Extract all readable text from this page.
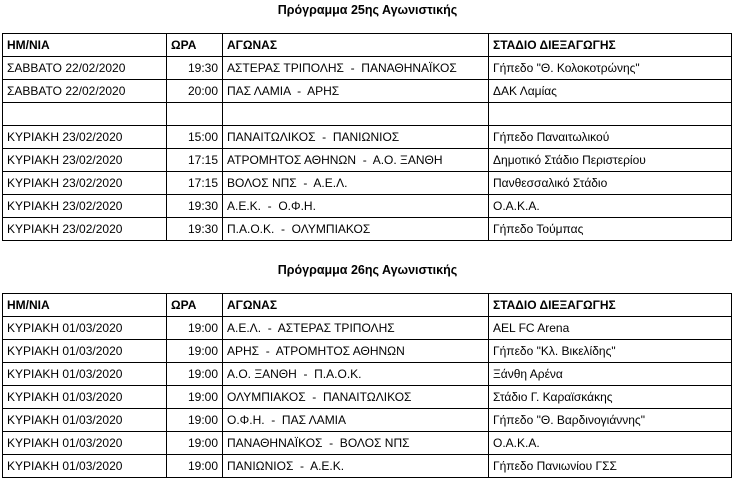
Πρόγραμμα 25ης Αγωνιστικής
ΗΜ/ΝΙΑ	ΩΡΑ	ΑΓΩΝΑΣ	ΣΤΑΔΙΟ ΔΙΕΞΑΓΩΓΗΣ
ΣΑΒΒΑΤΟ 22/02/2020	19:30	ΑΣΤΕΡΑΣ ΤΡΙΠΟΛΗΣ  -  ΠΑΝΑΘΗΝΑΪΚΟΣ	Γήπεδο "Θ. Κολοκοτρώνης"
ΣΑΒΒΑΤΟ 22/02/2020	20:00	ΠΑΣ ΛΑΜΙΑ  -  ΑΡΗΣ	ΔΑΚ Λαμίας

ΚΥΡΙΑΚΗ 23/02/2020	15:00	ΠΑΝΑΙΤΩΛΙΚΟΣ  -  ΠΑΝΙΩΝΙΟΣ	Γήπεδο Παναιτωλικού
ΚΥΡΙΑΚΗ 23/02/2020	17:15	ΑΤΡΟΜΗΤΟΣ ΑΘΗΝΩΝ  -  Α.Ο. ΞΑΝΘΗ	Δημοτικό Στάδιο Περιστερίου
ΚΥΡΙΑΚΗ 23/02/2020	17:15	ΒΟΛΟΣ ΝΠΣ  -  Α.Ε.Λ.	Πανθεσσαλικό Στάδιο
ΚΥΡΙΑΚΗ 23/02/2020	19:30	Α.Ε.Κ.  -  Ο.Φ.Η.	Ο.Α.Κ.Α.
ΚΥΡΙΑΚΗ 23/02/2020	19:30	Π.Α.Ο.Κ.  -  ΟΛΥΜΠΙΑΚΟΣ	Γήπεδο Τούμπας
Πρόγραμμα 26ης Αγωνιστικής
ΗΜ/ΝΙΑ	ΩΡΑ	ΑΓΩΝΑΣ	ΣΤΑΔΙΟ ΔΙΕΞΑΓΩΓΗΣ
ΚΥΡΙΑΚΗ 01/03/2020	19:00	Α.Ε.Λ.  -  ΑΣΤΕΡΑΣ ΤΡΙΠΟΛΗΣ	AEL FC Arena
ΚΥΡΙΑΚΗ 01/03/2020	19:00	ΑΡΗΣ  -  ΑΤΡΟΜΗΤΟΣ ΑΘΗΝΩΝ	Γήπεδο "Κλ. Βικελίδης"
ΚΥΡΙΑΚΗ 01/03/2020	19:00	Α.Ο. ΞΑΝΘΗ  -  Π.Α.Ο.Κ.	Ξάνθη Αρένα
ΚΥΡΙΑΚΗ 01/03/2020	19:00	ΟΛΥΜΠΙΑΚΟΣ  -  ΠΑΝΑΙΤΩΛΙΚΟΣ	Στάδιο Γ. Καραϊσκάκης
ΚΥΡΙΑΚΗ 01/03/2020	19:00	Ο.Φ.Η.  -  ΠΑΣ ΛΑΜΙΑ	Γήπεδο "Θ. Βαρδινογιάννης"
ΚΥΡΙΑΚΗ 01/03/2020	19:00	ΠΑΝΑΘΗΝΑΪΚΟΣ  -  ΒΟΛΟΣ ΝΠΣ	Ο.Α.Κ.Α.
ΚΥΡΙΑΚΗ 01/03/2020	19:00	ΠΑΝΙΩΝΙΟΣ  -  Α.Ε.Κ.	Γήπεδο Πανιωνίου ΓΣΣ
